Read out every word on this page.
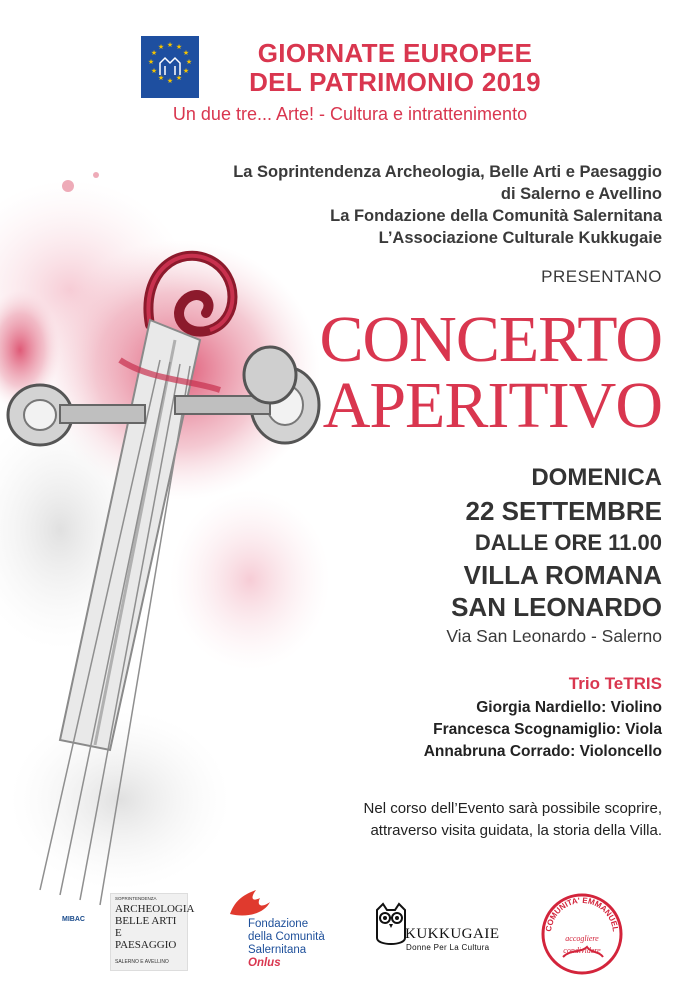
★ ★
★
★
★
★
★
★
★
★
★
★	GIORNATE EUROPEE
DEL PATRIMONIO 2019
Un due tre... Arte! - Cultura e intrattenimento
La Soprintendenza Archeologia, Belle Arti e Paesaggio
di Salerno e Avellino
La Fondazione della Comunità Salernitana
L’Associazione Culturale Kukkugaie
PRESENTANO
CONCERTO
APERITIVO
DOMENICA
22 SETTEMBRE
DALLE ORE 11.00
VILLA ROMANA
SAN LEONARDO
Via San Leonardo - Salerno
Trio TeTRIS
Giorgia Nardiello: Violino
Francesca Scognamiglio: Viola
Annabruna Corrado: Violoncello
Nel corso dell’Evento sarà possibile scoprire,
attraverso visita guidata, la storia della Villa.
MIBAC
SOPRINTENDENZA
ARCHEOLOGIA BELLE ARTI E PAESAGGIO
SALERNO E AVELLINO
Fondazione
della Comunità
Salernitana
Onlus
KUKKUGAIE
Donne Per La Cultura
COMUNITA' EMMANUEL
accogliere
condividere
